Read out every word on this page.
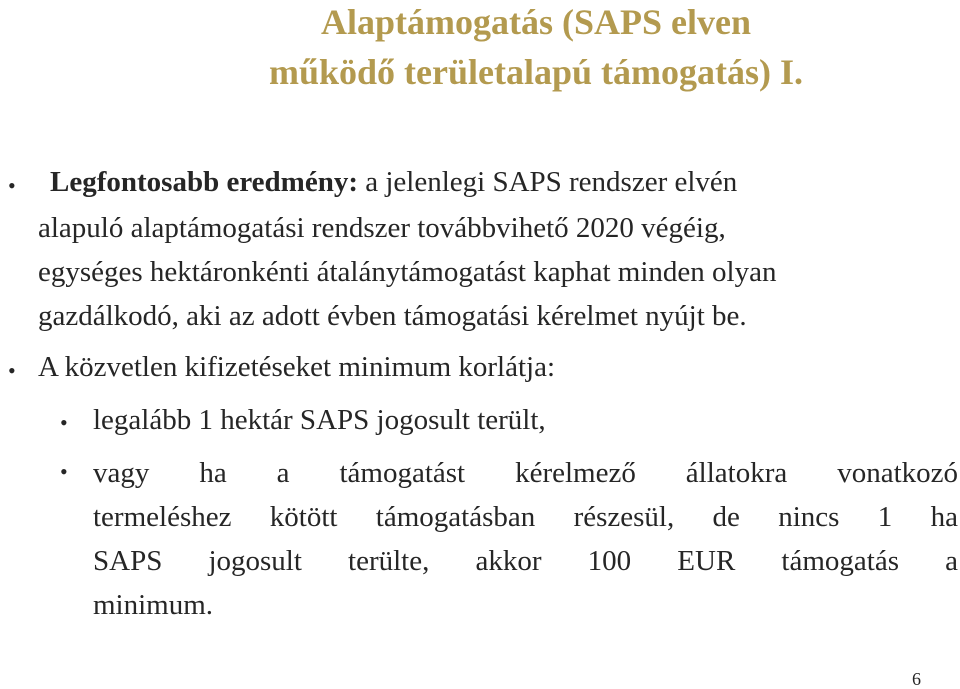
Alaptámogatás (SAPS elven
működő területalapú támogatás) I.
• Legfontosabb eredmény: a jelenlegi SAPS rendszer elvén
alapuló alaptámogatási rendszer továbbvihető 2020 végéig,
egységes hektáronkénti átalánytámogatást kaphat minden olyan
gazdálkodó, aki az adott évben támogatási kérelmet nyújt be.
• A közvetlen kifizetéseket minimum korlátja:
• legalább 1 hektár SAPS jogosult terült,
• vagy ha a támogatást kérelmező állatokra vonatkozó
termeléshez kötött támogatásban részesül, de nincs 1 ha
SAPS jogosult terülte, akkor 100 EUR támogatás a
minimum.
6
